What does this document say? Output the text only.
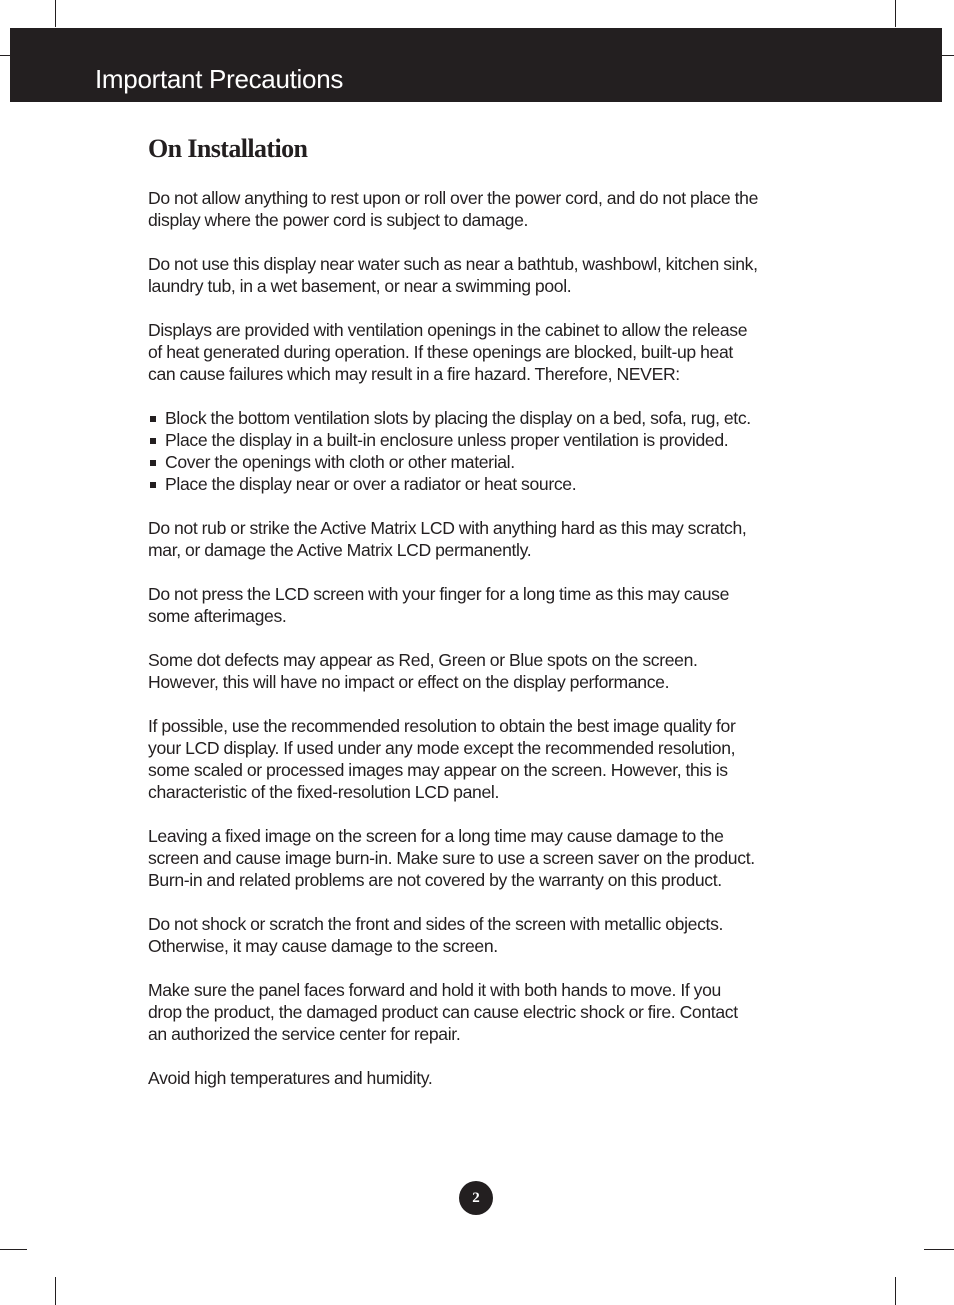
Important Precautions
On Installation

Do not allow anything to rest upon or roll over the power cord, and do not place the
display where the power cord is subject to damage.

Do not use this display near water such as near a bathtub, washbowl, kitchen sink,
laundry tub, in a wet basement, or near a swimming pool.

Displays are provided with ventilation openings in the cabinet to allow the release
of heat generated during operation. If these openings are blocked, built-up heat
can cause failures which may result in a fire hazard. Therefore, NEVER:

Block the bottom ventilation slots by placing the display on a bed, sofa, rug, etc.
Place the display in a built-in enclosure unless proper ventilation is provided.
Cover the openings with cloth or other material.
Place the display near or over a radiator or heat source.

Do not rub or strike the Active Matrix LCD with anything hard as this may scratch,
mar, or damage the Active Matrix LCD permanently.

Do not press the LCD screen with your finger for a long time as this may cause
some afterimages.

Some dot defects may appear as Red, Green or Blue spots on the screen.
However, this will have no impact or effect on the display performance.

If possible, use the recommended resolution to obtain the best image quality for
your LCD display. If used under any mode except the recommended resolution,
some scaled or processed images may appear on the screen. However, this is
characteristic of the fixed-resolution LCD panel.

Leaving a fixed image on the screen for a long time may cause damage to the
screen and cause image burn-in. Make sure to use a screen saver on the product.
Burn-in and related problems are not covered by the warranty on this product.

Do not shock or scratch the front and sides of the screen with metallic objects.
Otherwise, it may cause damage to the screen.

Make sure the panel faces forward and hold it with both hands to move. If you
drop the product, the damaged product can cause electric shock or fire. Contact
an authorized the service center for repair.

Avoid high temperatures and humidity.

2
